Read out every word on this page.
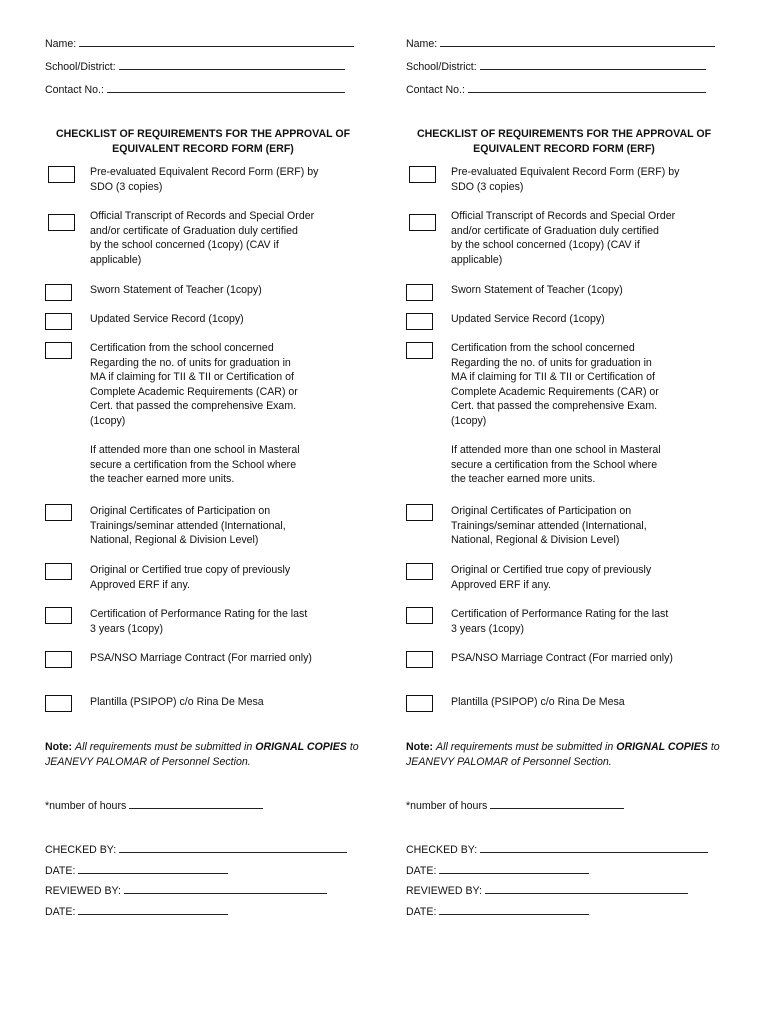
Name:
School/District:
Contact No.:
CHECKLIST OF REQUIREMENTS FOR THE APPROVAL OF EQUIVALENT RECORD FORM (ERF)
Pre-evaluated Equivalent Record Form (ERF) by
SDO (3 copies)
Official Transcript of Records and Special Order
and/or certificate of Graduation duly certified
by the school concerned (1copy) (CAV if
applicable)
Sworn Statement of Teacher (1copy)
Updated Service Record (1copy)
Certification from the school concerned
Regarding the no. of units for graduation in
MA if claiming for TII & TII or Certification of
Complete Academic Requirements (CAR) or
Cert. that passed the comprehensive Exam.
(1copy)

If attended more than one school in Masteral
secure a certification from the School where
the teacher earned more units.
Original Certificates of Participation on
Trainings/seminar attended (International,
National, Regional & Division Level)
Original or Certified true copy of previously
Approved ERF if any.
Certification of Performance Rating for the last
3 years (1copy)
PSA/NSO Marriage Contract (For married only)
Plantilla (PSIPOP) c/o Rina De Mesa
Note: All requirements must be submitted in ORIGNAL COPIES to JEANEVY PALOMAR of Personnel Section.
*number of hours
CHECKED BY:
DATE:
REVIEWED BY:
DATE:
Name:
School/District:
Contact No.:
CHECKLIST OF REQUIREMENTS FOR THE APPROVAL OF EQUIVALENT RECORD FORM (ERF)
Pre-evaluated Equivalent Record Form (ERF) by
SDO (3 copies)
Official Transcript of Records and Special Order
and/or certificate of Graduation duly certified
by the school concerned (1copy) (CAV if
applicable)
Sworn Statement of Teacher (1copy)
Updated Service Record (1copy)
Certification from the school concerned
Regarding the no. of units for graduation in
MA if claiming for TII & TII or Certification of
Complete Academic Requirements (CAR) or
Cert. that passed the comprehensive Exam.
(1copy)

If attended more than one school in Masteral
secure a certification from the School where
the teacher earned more units.
Original Certificates of Participation on
Trainings/seminar attended (International,
National, Regional & Division Level)
Original or Certified true copy of previously
Approved ERF if any.
Certification of Performance Rating for the last
3 years (1copy)
PSA/NSO Marriage Contract (For married only)
Plantilla (PSIPOP) c/o Rina De Mesa
Note: All requirements must be submitted in ORIGNAL COPIES to JEANEVY PALOMAR of Personnel Section.
*number of hours
CHECKED BY:
DATE:
REVIEWED BY:
DATE:
